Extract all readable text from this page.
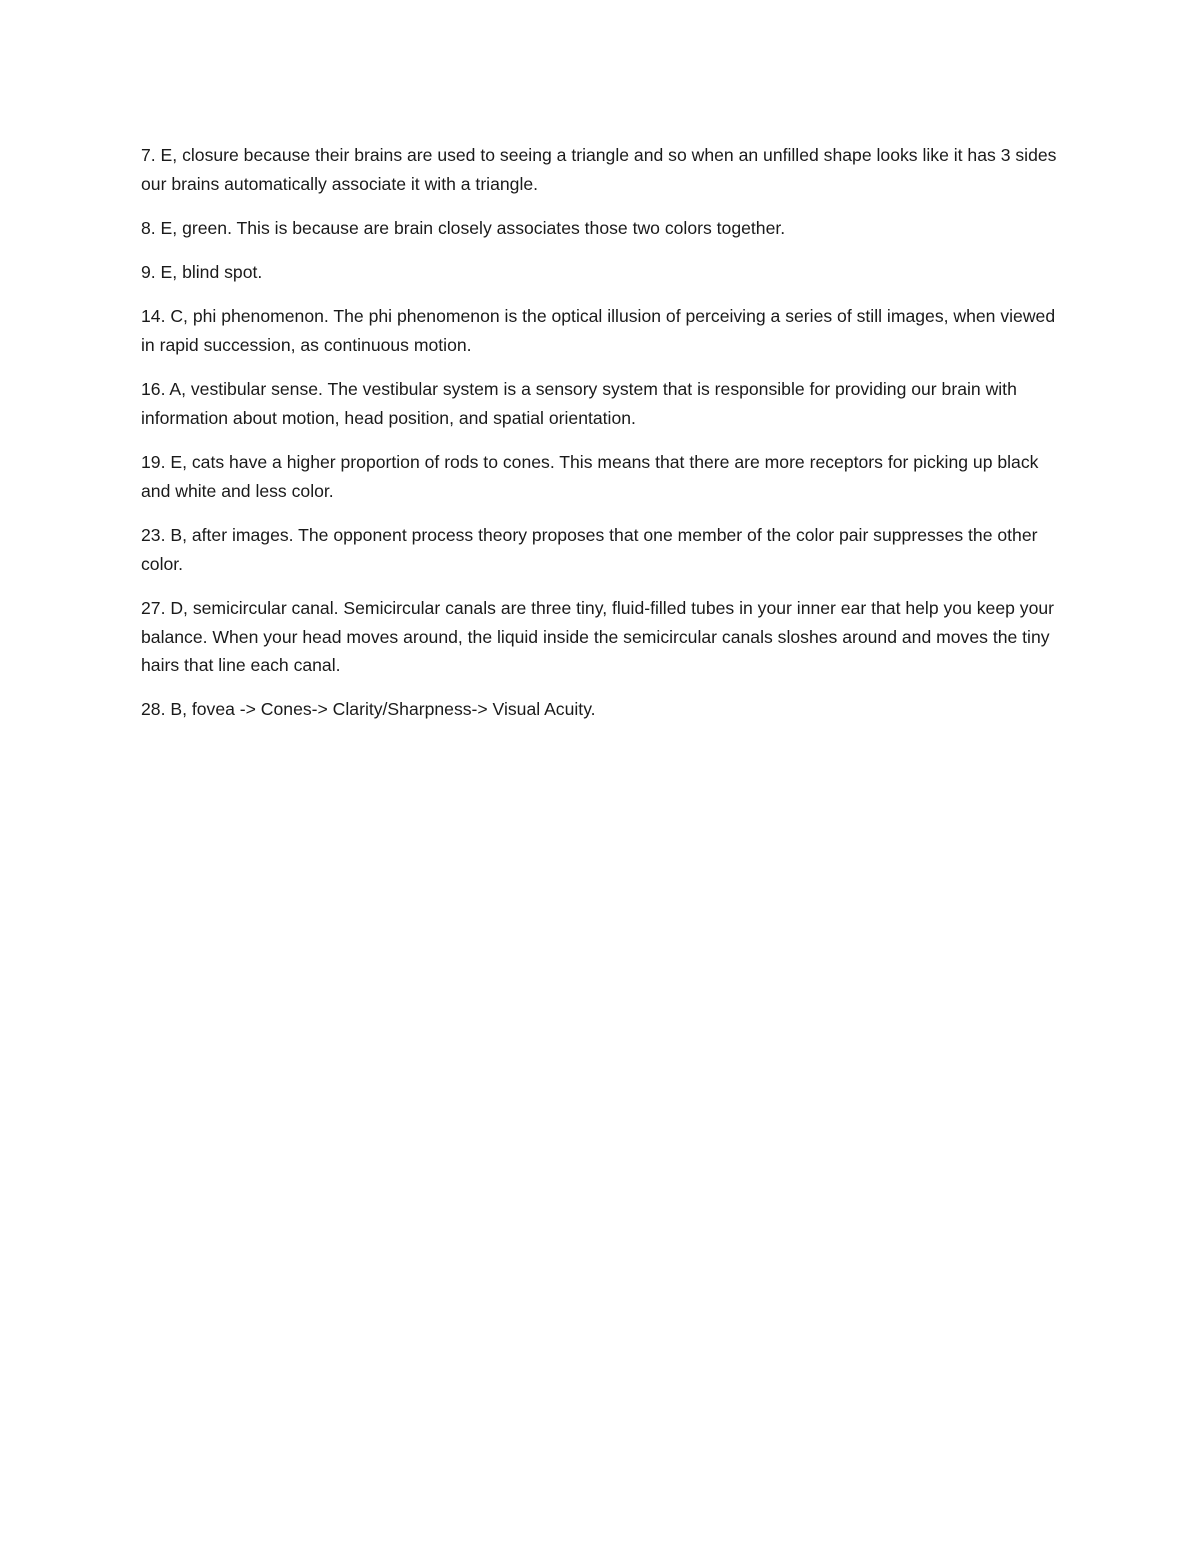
7. E, closure because their brains are used to seeing a triangle and so when an unfilled shape looks like it has 3 sides our brains automatically associate it with a triangle.

8. E, green. This is because are brain closely associates those two colors together.

9. E, blind spot.

14. C, phi phenomenon. The phi phenomenon is the optical illusion of perceiving a series of still images, when viewed in rapid succession, as continuous motion.

16. A, vestibular sense. The vestibular system is a sensory system that is responsible for providing our brain with information about motion, head position, and spatial orientation.

19. E, cats have a higher proportion of rods to cones. This means that there are more receptors for picking up black and white and less color.

23. B, after images. The opponent process theory proposes that one member of the color pair suppresses the other color.

27. D, semicircular canal. Semicircular canals are three tiny, fluid-filled tubes in your inner ear that help you keep your balance. When your head moves around, the liquid inside the semicircular canals sloshes around and moves the tiny hairs that line each canal.

28. B, fovea -> Cones-> Clarity/Sharpness-> Visual Acuity.
